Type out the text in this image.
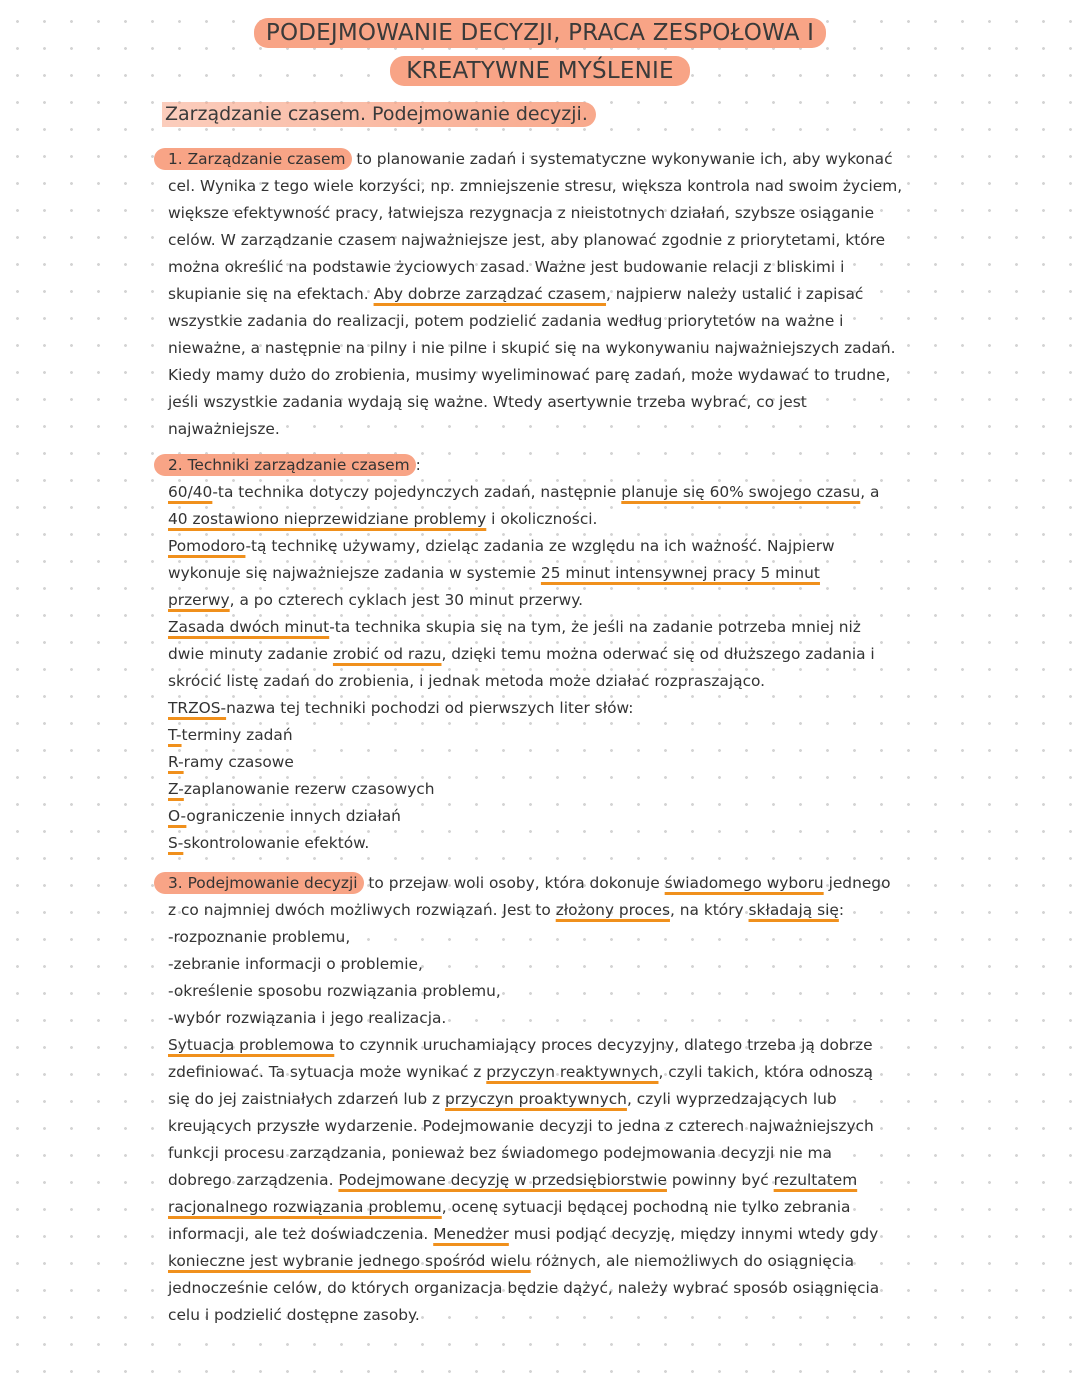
PODEJMOWANIE DECYZJI, PRACA ZESPOŁOWA I
KREATYWNE MYŚLENIE
Zarządzanie czasem. Podejmowanie decyzji.
1. Zarządzanie czasem to planowanie zadań i systematyczne wykonywanie ich, aby wykonać cel. Wynika z tego wiele korzyści, np. zmniejszenie stresu, większa kontrola nad swoim życiem, większe efektywność pracy, łatwiejsza rezygnacja z nieistotnych działań, szybsze osiąganie celów. W zarządzanie czasem najważniejsze jest, aby planować zgodnie z priorytetami, które można określić na podstawie życiowych zasad. Ważne jest budowanie relacji z bliskimi i skupianie się na efektach. Aby dobrze zarządzać czasem, najpierw należy ustalić i zapisać wszystkie zadania do realizacji, potem podzielić zadania według priorytetów na ważne i nieważne, a następnie na pilny i nie pilne i skupić się na wykonywaniu najważniejszych zadań. Kiedy mamy dużo do zrobienia, musimy wyeliminować parę zadań, może wydawać to trudne, jeśli wszystkie zadania wydają się ważne. Wtedy asertywnie trzeba wybrać, co jest najważniejsze.
2. Techniki zarządzanie czasem :
60/40-ta technika dotyczy pojedynczych zadań, następnie planuje się 60% swojego czasu, a
40 zostawiono nieprzewidziane problemy i okoliczności.
Pomodoro-tą technikę używamy, dzieląc zadania ze względu na ich ważność. Najpierw
wykonuje się najważniejsze zadania w systemie 25 minut intensywnej pracy 5 minut
przerwy, a po czterech cyklach jest 30 minut przerwy.
Zasada dwóch minut-ta technika skupia się na tym, że jeśli na zadanie potrzeba mniej niż
dwie minuty zadanie zrobić od razu, dzięki temu można oderwać się od dłuższego zadania i
skrócić listę zadań do zrobienia, i jednak metoda może działać rozpraszająco.
TRZOS-nazwa tej techniki pochodzi od pierwszych liter słów:
T-terminy zadań
R-ramy czasowe
Z-zaplanowanie rezerw czasowych
O-ograniczenie innych działań
S-skontrolowanie efektów.
3. Podejmowanie decyzji to przejaw woli osoby, która dokonuje świadomego wyboru jednego
z co najmniej dwóch możliwych rozwiązań. Jest to złożony proces, na który składają się:
-rozpoznanie problemu,
-zebranie informacji o problemie,
-określenie sposobu rozwiązania problemu,
-wybór rozwiązania i jego realizacja.
Sytuacja problemowa to czynnik uruchamiający proces decyzyjny, dlatego trzeba ją dobrze
zdefiniować. Ta sytuacja może wynikać z przyczyn reaktywnych, czyli takich, która odnoszą
się do jej zaistniałych zdarzeń lub z przyczyn proaktywnych, czyli wyprzedzających lub
kreujących przyszłe wydarzenie. Podejmowanie decyzji to jedna z czterech najważniejszych
funkcji procesu zarządzania, ponieważ bez świadomego podejmowania decyzji nie ma
dobrego zarządzenia. Podejmowane decyzję w przedsiębiorstwie powinny być rezultatem
racjonalnego rozwiązania problemu, ocenę sytuacji będącej pochodną nie tylko zebrania
informacji, ale też doświadczenia. Menedżer musi podjąć decyzję, między innymi wtedy gdy
konieczne jest wybranie jednego spośród wielu różnych, ale niemożliwych do osiągnięcia
jednocześnie celów, do których organizacja będzie dążyć, należy wybrać sposób osiągnięcia
celu i podzielić dostępne zasoby.
